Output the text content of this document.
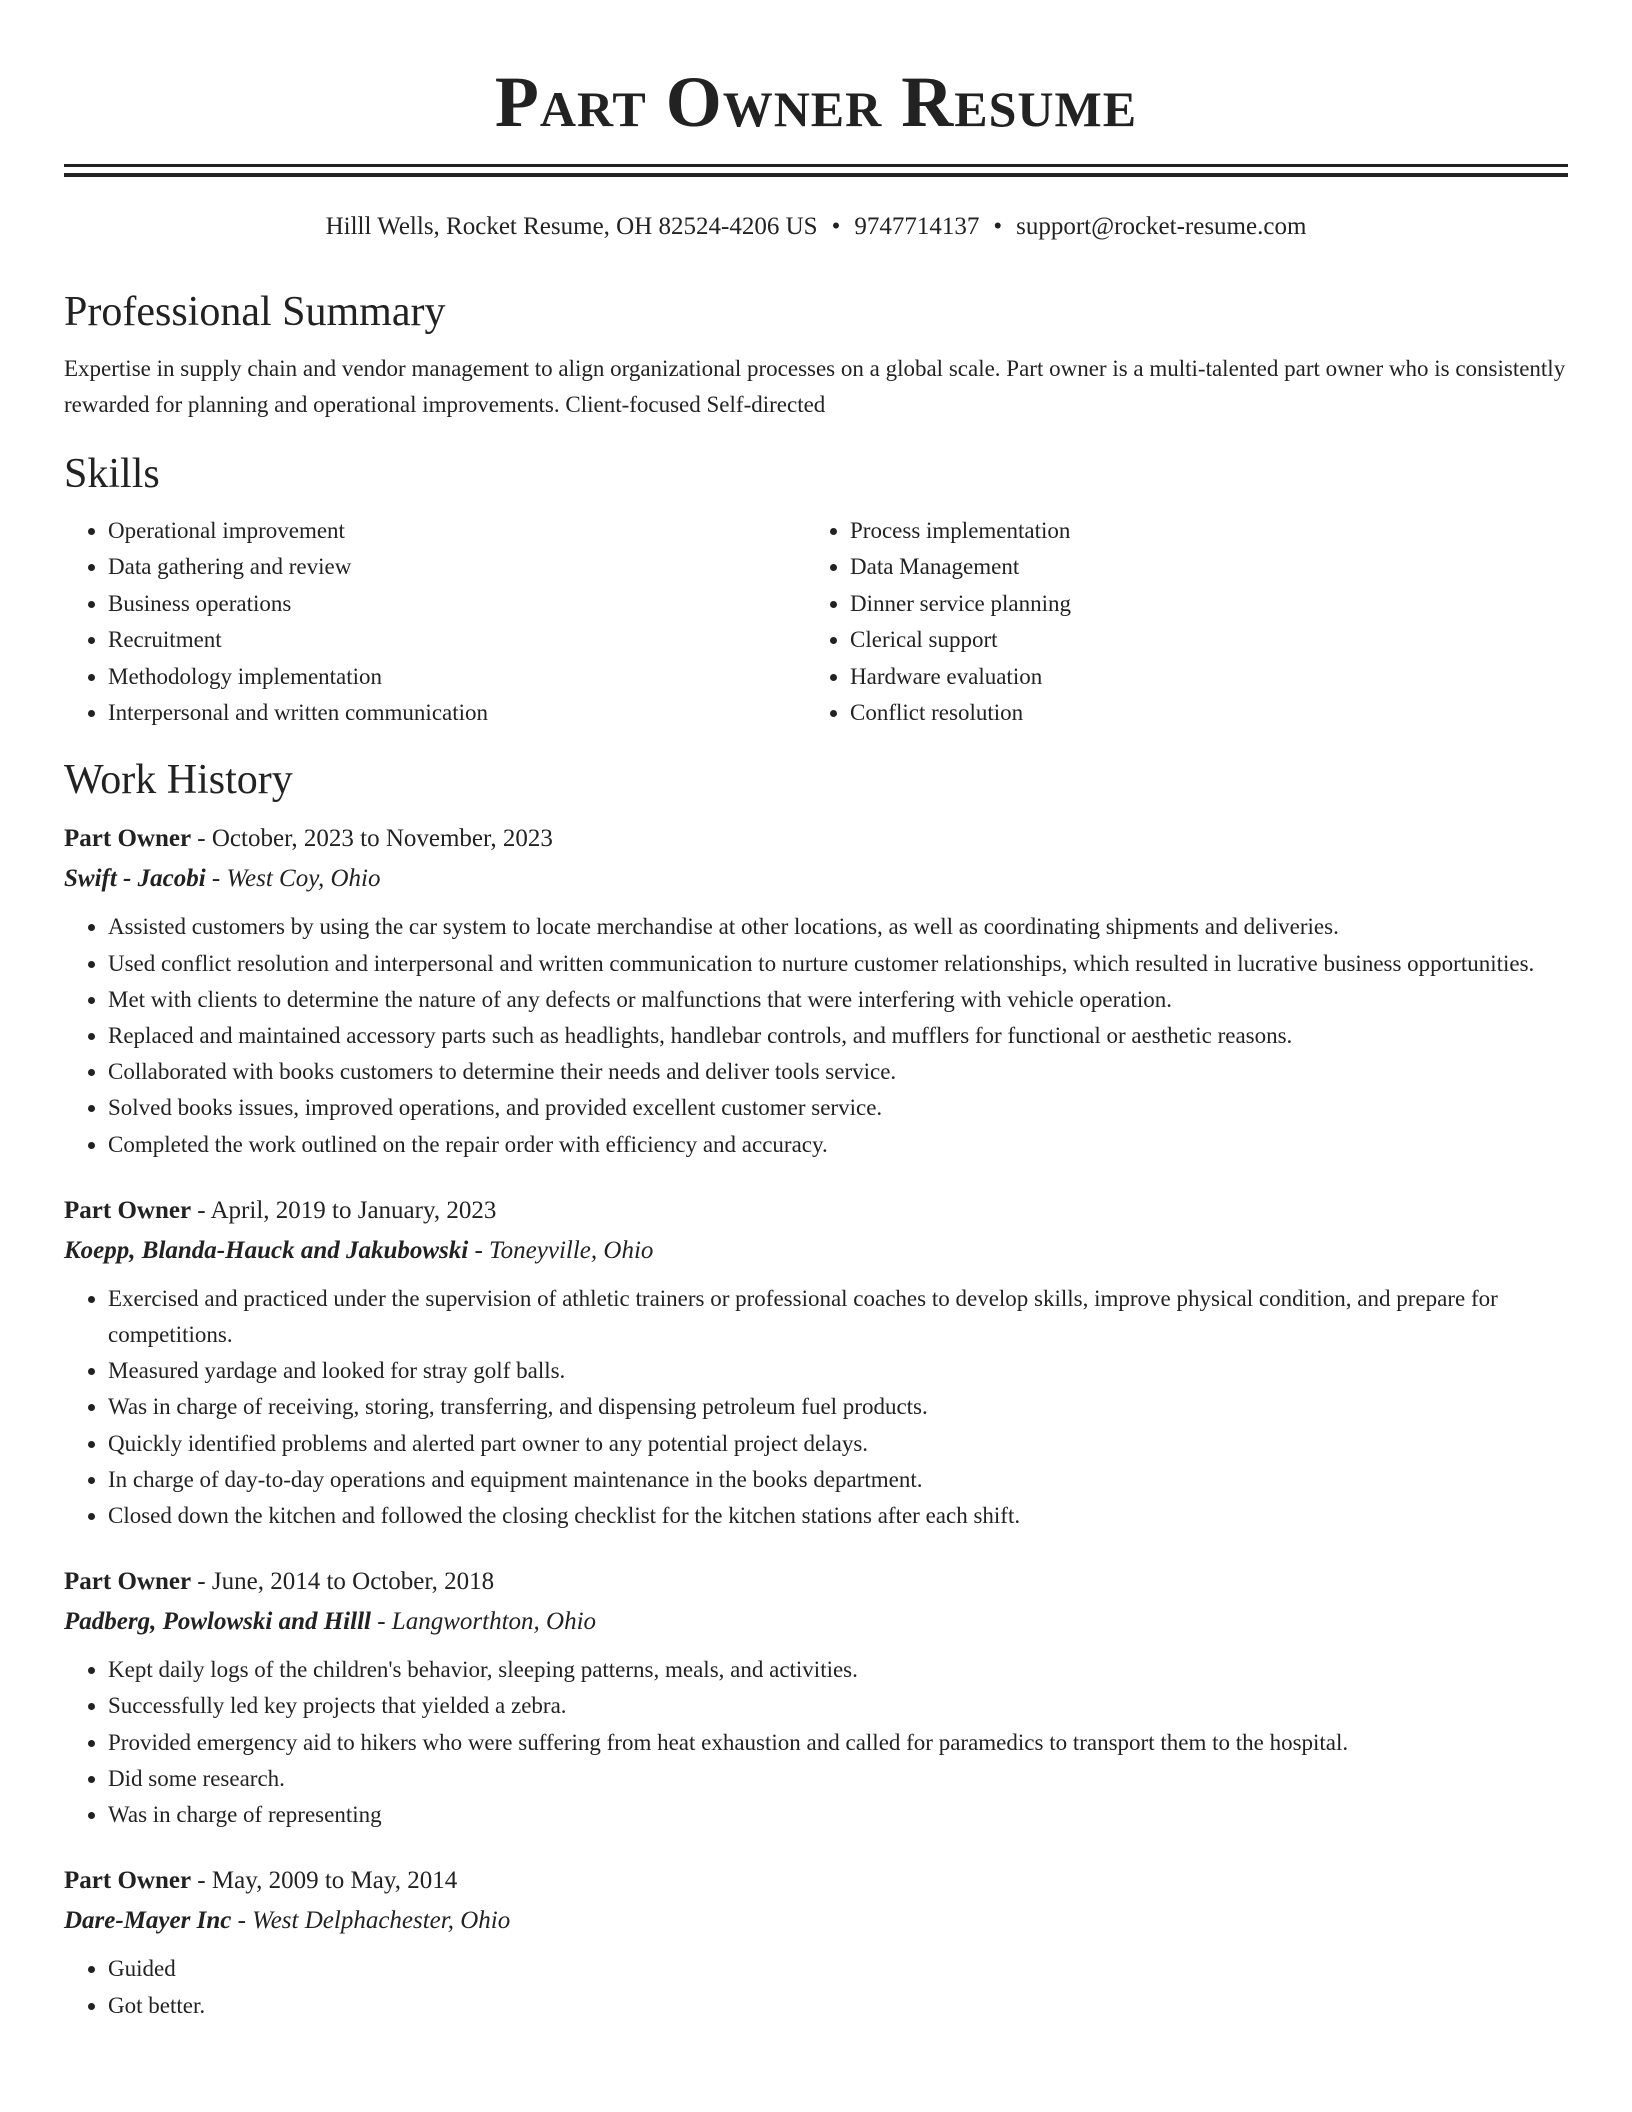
Part Owner Resume
Hilll Wells, Rocket Resume, OH 82524-4206 US • 9747714137 • support@rocket-resume.com
Professional Summary

Expertise in supply chain and vendor management to align organizational processes on a global scale. Part owner is a multi-talented part owner who is consistently rewarded for planning and operational improvements. Client-focused Self-directed

Skills
• Operational improvement
• Data gathering and review
• Business operations
• Recruitment
• Methodology implementation
• Interpersonal and written communication
• Process implementation
• Data Management
• Dinner service planning
• Clerical support
• Hardware evaluation
• Conflict resolution
Work History
Part Owner - October, 2023 to November, 2023
Swift - Jacobi - West Coy, Ohio
• Assisted customers by using the car system to locate merchandise at other locations, as well as coordinating shipments and deliveries.
• Used conflict resolution and interpersonal and written communication to nurture customer relationships, which resulted in lucrative business opportunities.
• Met with clients to determine the nature of any defects or malfunctions that were interfering with vehicle operation.
• Replaced and maintained accessory parts such as headlights, handlebar controls, and mufflers for functional or aesthetic reasons.
• Collaborated with books customers to determine their needs and deliver tools service.
• Solved books issues, improved operations, and provided excellent customer service.
• Completed the work outlined on the repair order with efficiency and accuracy.
Part Owner - April, 2019 to January, 2023
Koepp, Blanda-Hauck and Jakubowski - Toneyville, Ohio
• Exercised and practiced under the supervision of athletic trainers or professional coaches to develop skills, improve physical condition, and prepare for competitions.
• Measured yardage and looked for stray golf balls.
• Was in charge of receiving, storing, transferring, and dispensing petroleum fuel products.
• Quickly identified problems and alerted part owner to any potential project delays.
• In charge of day-to-day operations and equipment maintenance in the books department.
• Closed down the kitchen and followed the closing checklist for the kitchen stations after each shift.
Part Owner - June, 2014 to October, 2018
Padberg, Powlowski and Hilll - Langworthton, Ohio
• Kept daily logs of the children's behavior, sleeping patterns, meals, and activities.
• Successfully led key projects that yielded a zebra.
• Provided emergency aid to hikers who were suffering from heat exhaustion and called for paramedics to transport them to the hospital.
• Did some research.
• Was in charge of representing
Part Owner - May, 2009 to May, 2014
Dare-Mayer Inc - West Delphachester, Ohio
• Guided
• Got better.
